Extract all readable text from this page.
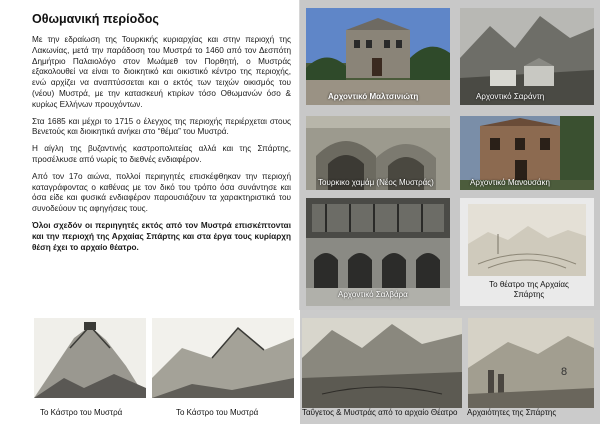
Οθωμανική περίοδος

Με την εδραίωση της Τουρκικής κυριαρχίας και στην περιοχή της Λακωνίας, μετά την παράδοση του Μυστρά το 1460 από τον Δεσπότη Δημήτριο Παλαιολόγο στον Μωάμεθ τον Πορθητή, ο Μυστράς εξακολουθεί να είναι το διοικητικό και οικιστικό κέντρο της περιοχής, ενώ αρχίζει να αναπτύσσεται και ο εκτός των τειχών οικισμός του (νέου) Μυστρά, με την κατασκευή κτιρίων τόσο Οθωμανών όσο & κυρίως Ελλήνων προυχόντων.

Στα 1685 και μέχρι το 1715 ο έλεγχος της περιοχής περιέρχεται στους Βενετούς και διοικητικά ανήκει στο “θέμα” του Μυστρά.

Η αίγλη της βυζαντινής καστροπολιτείας αλλά και της Σπάρτης, προσέλκυσε από νωρίς το διεθνές ενδιαφέρον.

Από τον 17ο αιώνα, πολλοί περιηγητές επισκέφθηκαν την περιοχή καταγράφοντας ο καθένας με τον δικό του τρόπο όσα συνάντησε και όσα είδε και φυσικά ενδιαφέρον παρουσιάζουν τα χαρακτηριστικά του συνοδεύουν τις αφηγήσεις τους.

Όλοι σχεδόν οι περιηγητές εκτός από τον Μυστρά επισκέπτονται και την περιοχή της Αρχαίας Σπάρτης και στα έργα τους κυρίαρχη θέση έχει το αρχαίο θέατρο.

Αρχοντικό Μαλτσινιώτη	Αρχοντικό Σαράντη
Τουρκικο χαμάμ (Νέος Μυστράς)	Αρχοντικό Μανουσάκη
Αρχοντικό Σαλβάρα
Το θέατρο της Αρχαίας Σπάρτης
Το Κάστρο του Μυστρά	Το Κάστρο του Μυστρά	Ταΰγετος & Μυστράς από το αρχαίο Θέατρο Αρχαιότητες της Σπάρτης
8
